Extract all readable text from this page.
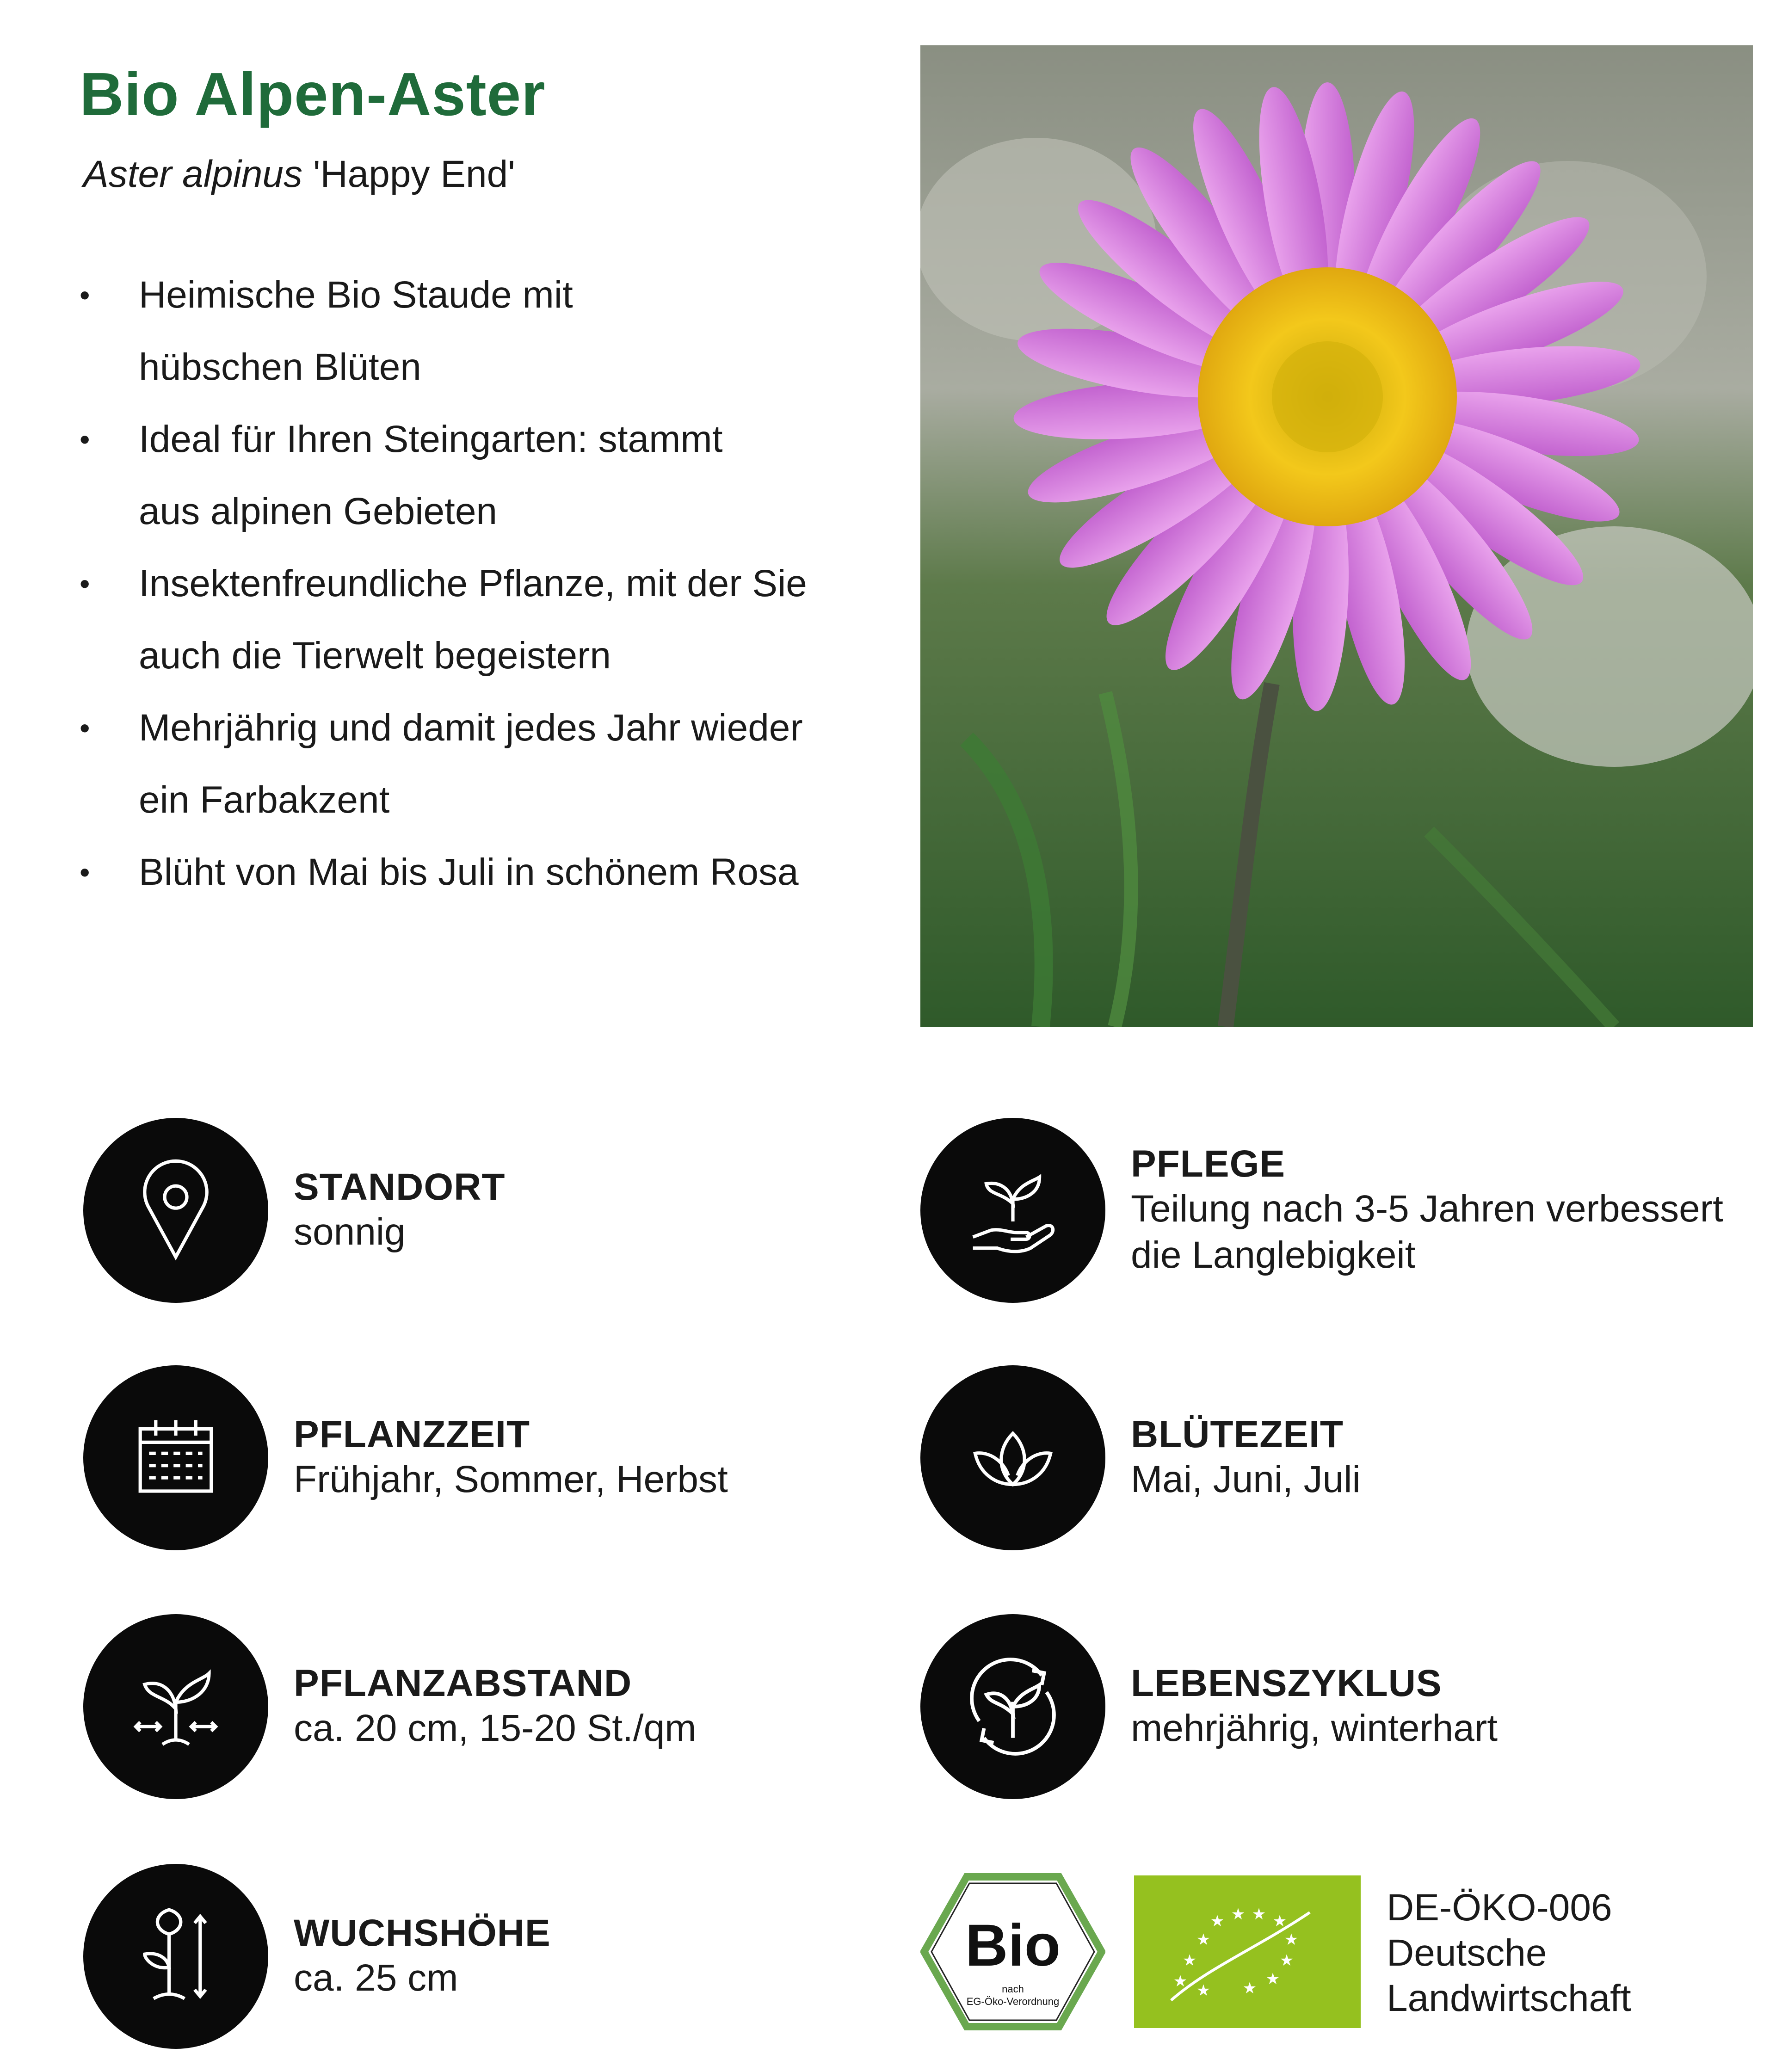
Bio Alpen-Aster
Aster alpinus 'Happy End'
• Heimische Bio Staude mit hübschen Blüten
• Ideal für Ihren Steingarten: stammt aus alpinen Gebieten
• Insektenfreundliche Pflanze, mit der Sie auch die Tierwelt begeistern
• Mehrjährig und damit jedes Jahr wieder ein Farbakzent
• Blüht von Mai bis Juli in schönem Rosa
STANDORT
sonnig
PFLANZZEIT
Frühjahr, Sommer, Herbst
PFLANZABSTAND
ca. 20 cm, 15-20 St./qm
WUCHSHÖHE
ca. 25 cm
PFLEGE
Teilung nach 3-5 Jahren verbessert die Langlebigkeit
BLÜTEZEIT
Mai, Juni, Juli
LEBENSZYKLUS
mehrjährig, winterhart
Bio
nach
EG-Öko-Verordnung
★ ★ ★ ★
★	★
★	★
★	★
★
★
DE-ÖKO-006
Deutsche
Landwirtschaft
